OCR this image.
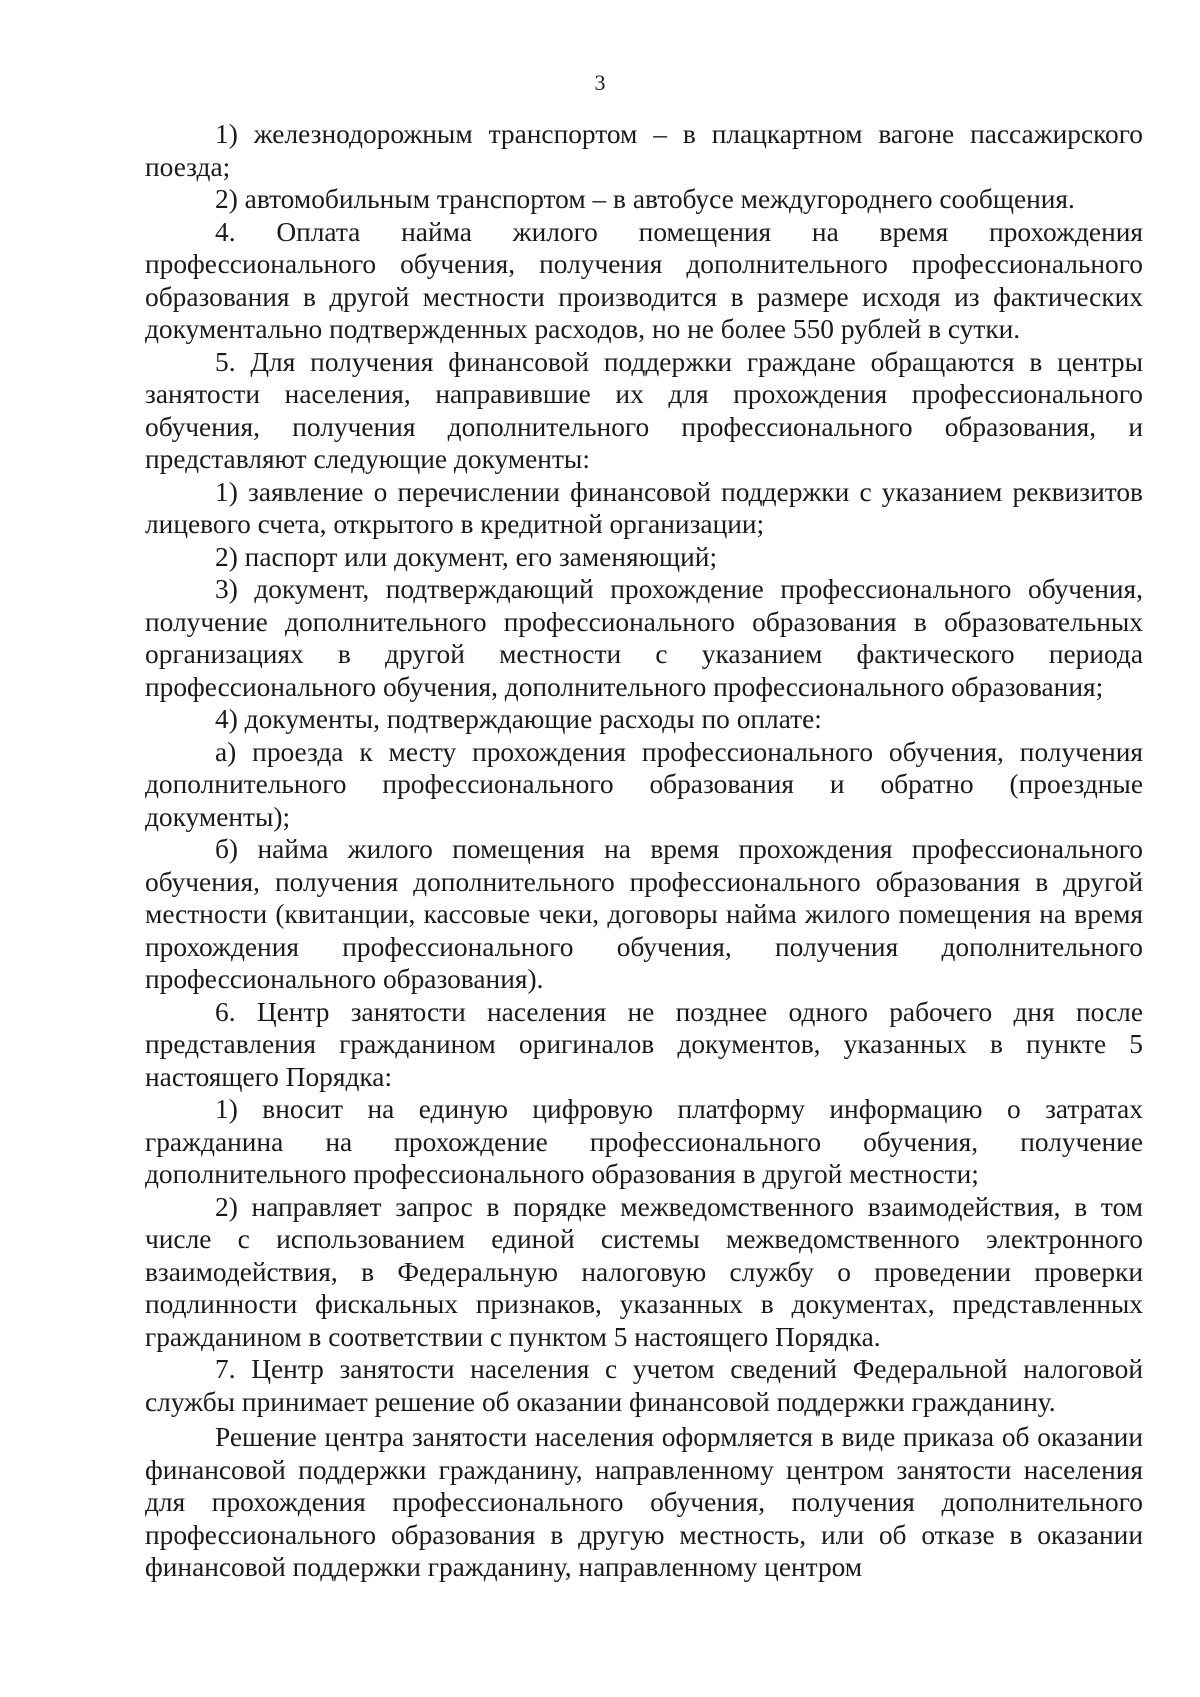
3

1) железнодорожным транспортом – в плацкартном вагоне пассажирского поезда;

2) автомобильным транспортом – в автобусе междугороднего сообщения.

4. Оплата найма жилого помещения на время прохождения профессионального обучения, получения дополнительного профессионального образования в другой местности производится в размере исходя из фактических документально подтвержденных расходов, но не более 550 рублей в сутки.

5. Для получения финансовой поддержки граждане обращаются в центры занятости населения, направившие их для прохождения профессионального обучения, получения дополнительного профессионального образования, и представляют следующие документы:

1) заявление о перечислении финансовой поддержки с указанием реквизитов лицевого счета, открытого в кредитной организации;

2) паспорт или документ, его заменяющий;

3) документ, подтверждающий прохождение профессионального обучения, получение дополнительного профессионального образования в образовательных организациях в другой местности с указанием фактического периода профессионального обучения, дополнительного профессионального образования;

4) документы, подтверждающие расходы по оплате:

а) проезда к месту прохождения профессионального обучения, получения дополнительного профессионального образования и обратно (проездные документы);

б) найма жилого помещения на время прохождения профессионального обучения, получения дополнительного профессионального образования в другой местности (квитанции, кассовые чеки, договоры найма жилого помещения на время прохождения профессионального обучения, получения дополнительного профессионального образования).

6. Центр занятости населения не позднее одного рабочего дня после представления гражданином оригиналов документов, указанных в пункте 5 настоящего Порядка:

1) вносит на единую цифровую платформу информацию о затратах гражданина на прохождение профессионального обучения, получение дополнительного профессионального образования в другой местности;

2) направляет запрос в порядке межведомственного взаимодействия, в том числе с использованием единой системы межведомственного электронного взаимодействия, в Федеральную налоговую службу о проведении проверки подлинности фискальных признаков, указанных в документах, представленных гражданином в соответствии с пунктом 5 настоящего Порядка.

7. Центр занятости населения с учетом сведений Федеральной налоговой службы принимает решение об оказании финансовой поддержки гражданину.

Решение центра занятости населения оформляется в виде приказа об оказании финансовой поддержки гражданину, направленному центром занятости населения для прохождения профессионального обучения, получения дополнительного профессионального образования в другую местность, или об отказе в оказании финансовой поддержки гражданину, направленному центром
